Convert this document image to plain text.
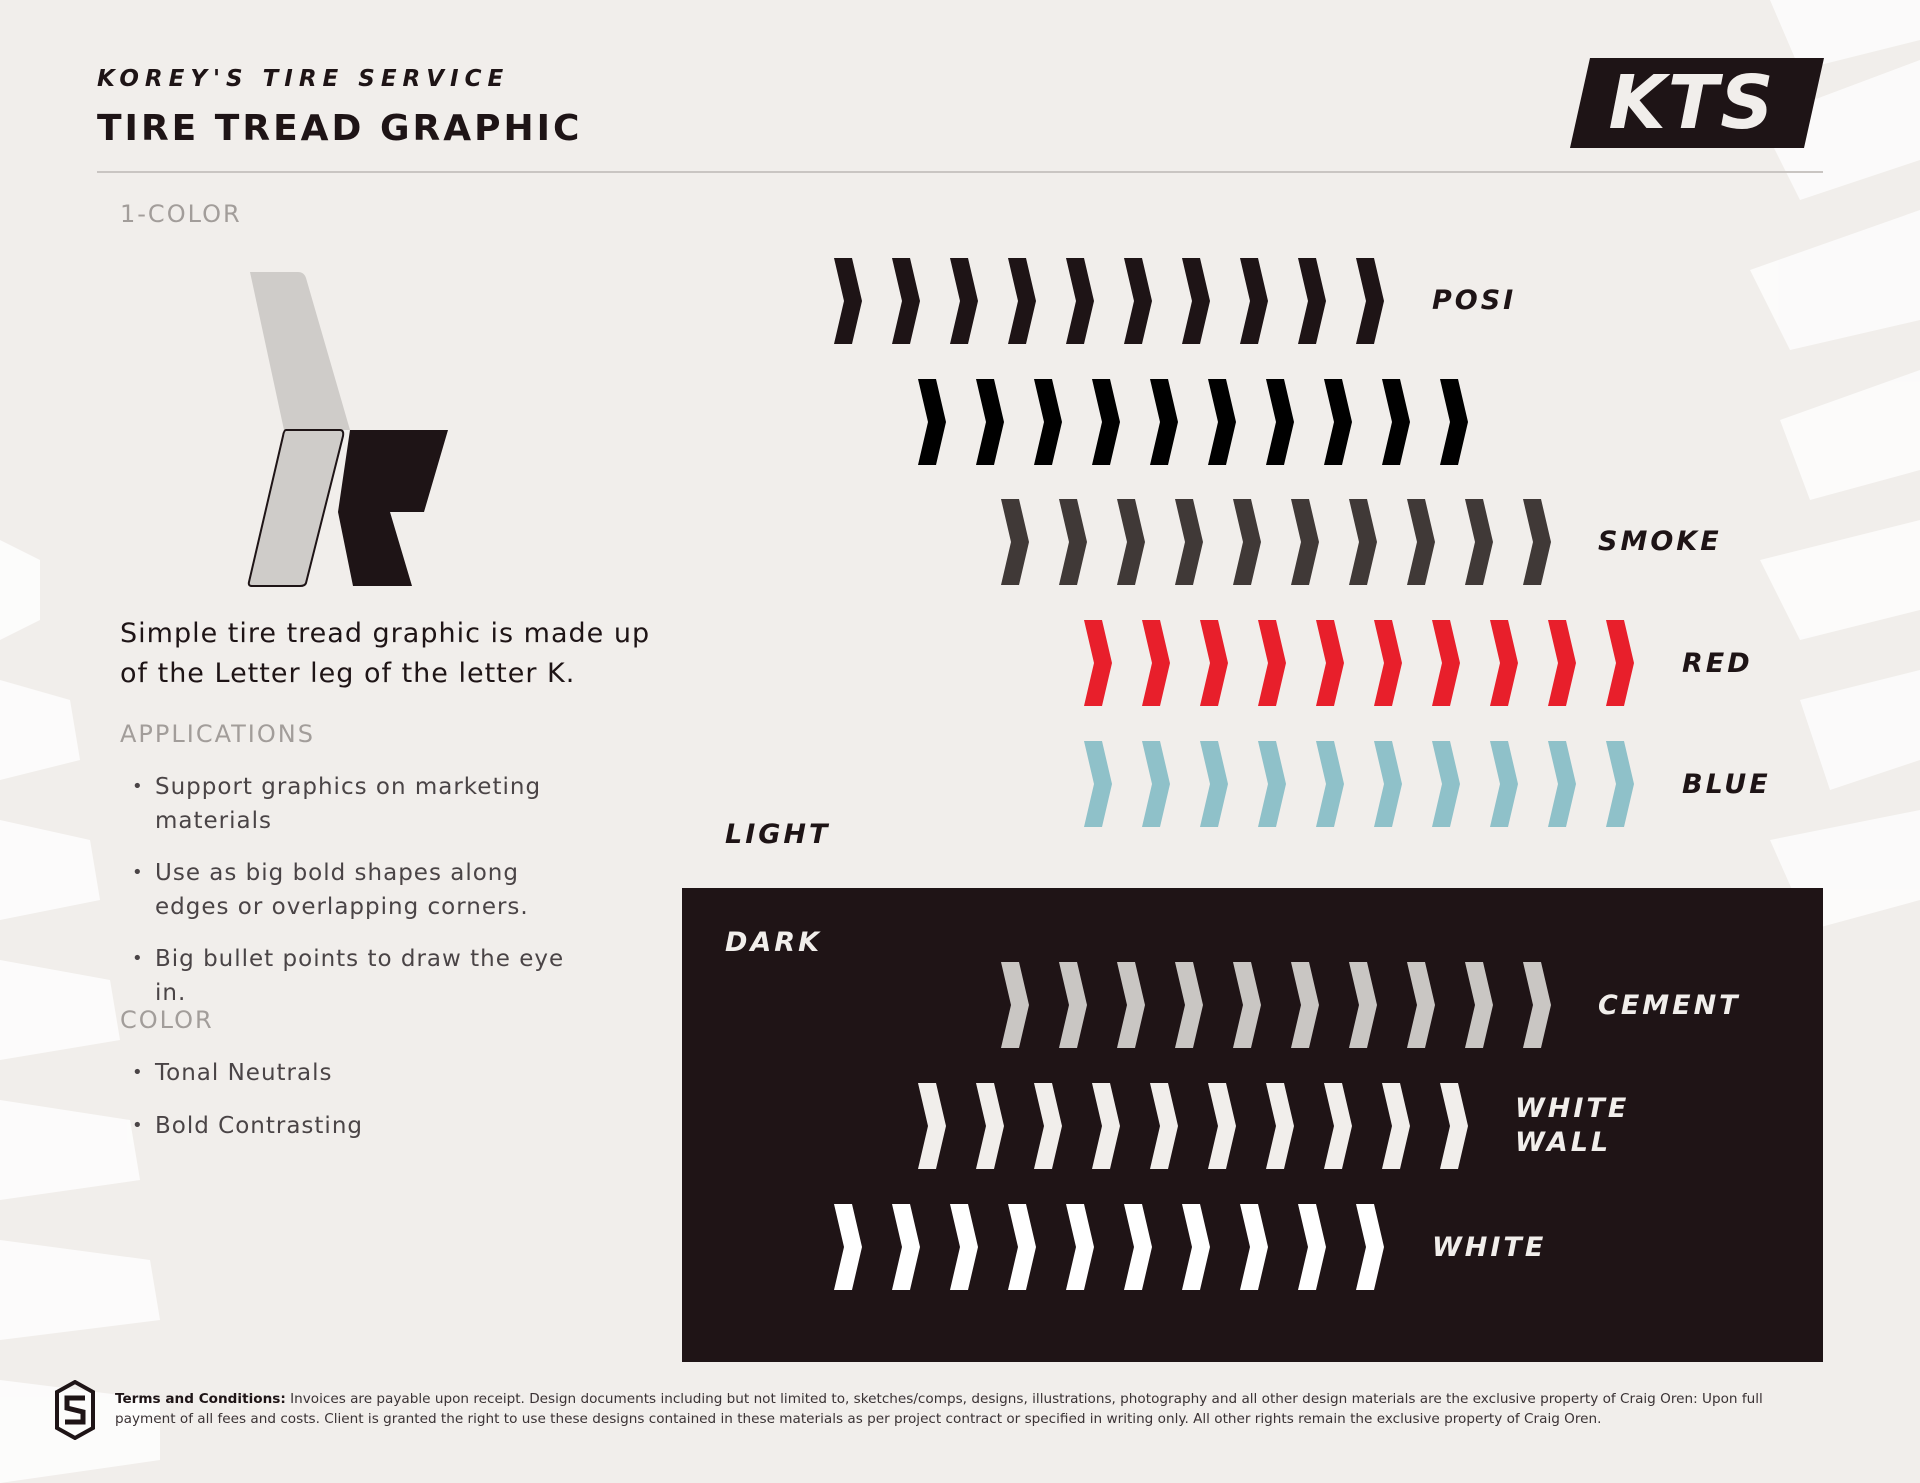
KOREY'S TIRE SERVICE
TIRE TREAD GRAPHIC	KTS
1-COLOR
Simple tire tread graphic is made up of the Letter leg of the letter K.
APPLICATIONS
• Support graphics on marketing materials
• Use as big bold shapes along edges or overlapping corners.
• Big bullet points to draw the eye in.
COLOR
• Tonal Neutrals
• Bold Contrasting
LIGHT
POSI
SMOKE
RED
BLUE
DARK
CEMENT
WHITE WALL
WHITE
Terms and Conditions: Invoices are payable upon receipt. Design documents including but not limited to, sketches/comps, designs, illustrations, photography and all other design materials are the exclusive property of Craig Oren: Upon full payment of all fees and costs. Client is granted the right to use these designs contained in these materials as per project contract or specified in writing only. All other rights remain the exclusive property of Craig Oren.
